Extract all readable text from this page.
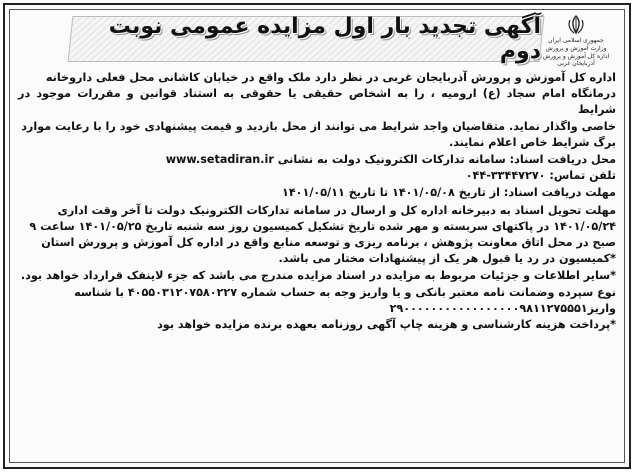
آگهی تجدید بار اول مزایده عمومی نوبت دوم	جمهوری اسلامی ایران
وزارت آموزش و پرورش
اداره کل آموزش و پرورش آذربایجان غربی

اداره کل آموزش و پرورش آذربایجان غربی در نظر دارد ملک واقع در خیابان کاشانی محل فعلی داروخانه

درمانگاه امام سجاد (ع) ارومیه ، را به اشخاص حقیقی یا حقوقی به استناد قوانین و مقررات موجود در شرایط

خاصی واگذار نماید. متقاضیان واجد شرایط می توانند از محل بازدید و قیمت پیشنهادی خود را با رعایت موارد

برگ شرایط خاص اعلام نمایند.

محل دریافت اسناد: سامانه تدارکات الکترونیک دولت به نشانی www.setadiran.ir

تلفن تماس: ۰۴۴-۳۳۴۴۷۲۷۰

مهلت دریافت اسناد: از تاریخ ۱۴۰۱/۰۵/۰۸ تا تاریخ ۱۴۰۱/۰۵/۱۱

مهلت تحویل اسناد به دبیرخانه اداره کل و ارسال در سامانه تدارکات الکترونیک دولت تا آخر وقت اداری

۱۴۰۱/۰۵/۲۴ در پاکتهای سربسته و مهر شده تاریخ تشکیل کمیسیون روز سه شنبه تاریخ ۱۴۰۱/۰۵/۲۵ ساعت ۹

صبح در محل اتاق معاونت پژوهش ، برنامه ریزی و توسعه منابع واقع در اداره کل آموزش و پرورش استان

*کمیسیون در رد یا قبول هر یک از پیشنهادات مختار می باشد.

*سایر اطلاعات و جزئیات مربوط به مزایده در اسناد مزایده مندرج می باشد که جزء لاینفک قرارداد خواهد بود.

نوع سپرده وضمانت نامه معتبر بانکی و یا واریز وجه به حساب شماره ۴۰۵۵۰۳۱۲۰۷۵۸۰۲۲۷ با شناسه

واریز۲۹۰۰۰۰۰۰۰۰۰۰۰۰۰۰۰۰۰۹۸۱۱۲۷۵۵۵۱

*پرداخت هزینه کارشناسی و هزینه چاپ آگهی روزنامه بعهده برنده مزایده خواهد بود
